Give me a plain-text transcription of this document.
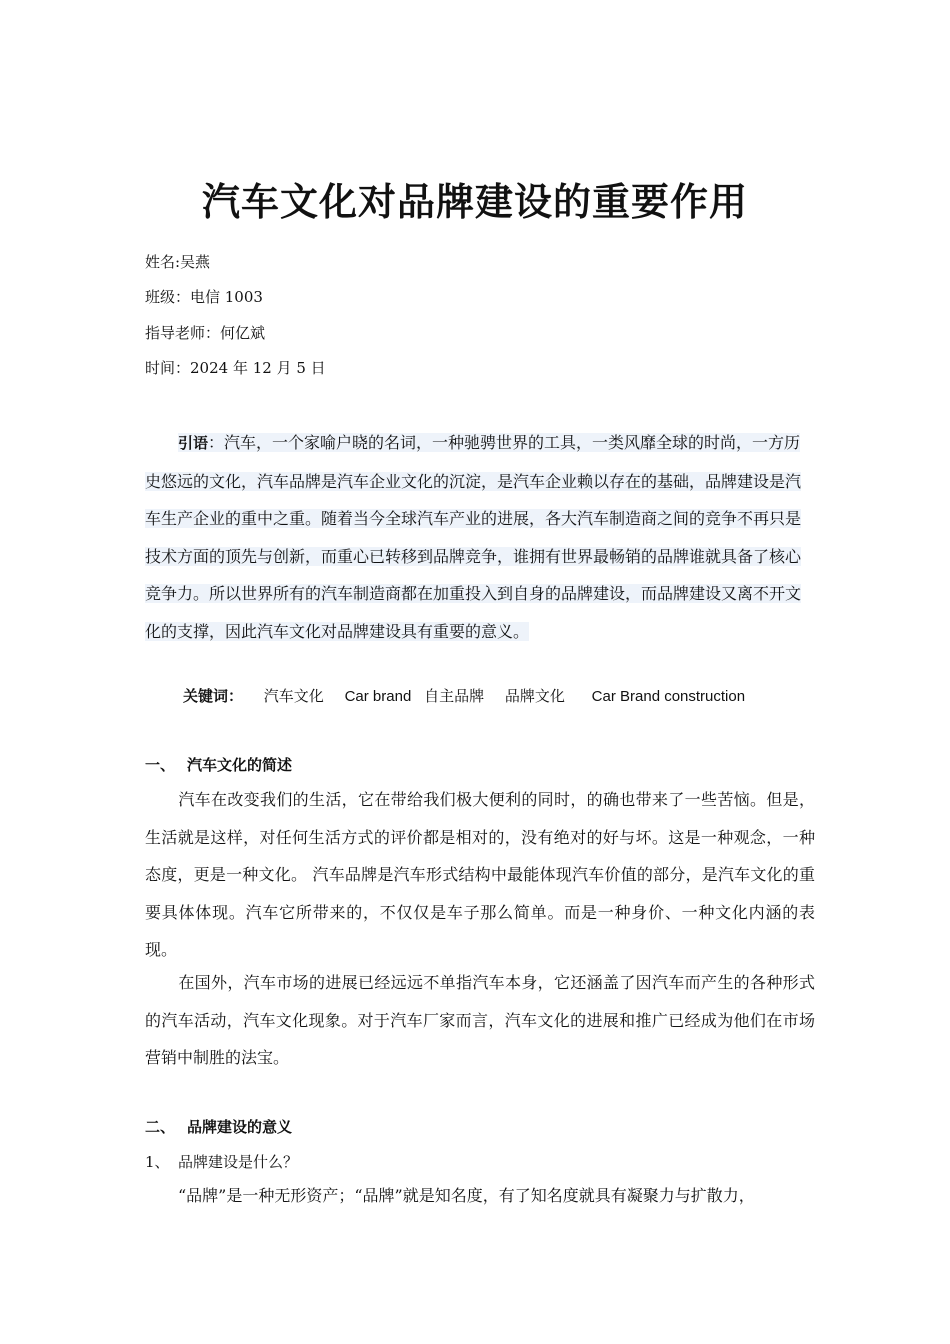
汽车文化对品牌建设的重要作用
姓名:吴燕
班级：电信 1003
指导老师：何亿斌
时间：2024 年 12 月 5 日
引语：汽车，一个家喻户晓的名词，一种驰骋世界的工具，一类风靡全球的时尚，一方历史悠远的文化，汽车品牌是汽车企业文化的沉淀，是汽车企业赖以存在的基础，品牌建设是汽车生产企业的重中之重。随着当今全球汽车产业的进展，各大汽车制造商之间的竞争不再只是技术方面的顶先与创新，而重心已转移到品牌竞争，谁拥有世界最畅销的品牌谁就具备了核心竞争力。所以世界所有的汽车制造商都在加重投入到自身的品牌建设，而品牌建设又离不开文化的支撑，因此汽车文化对品牌建设具有重要的意义。
关键词： 汽车文化 Car brand 自主品牌 品牌文化 Car Brand construction
一、 汽车文化的简述
汽车在改变我们的生活，它在带给我们极大便利的同时，的确也带来了一些苦恼。但是，生活就是这样，对任何生活方式的评价都是相对的，没有绝对的好与坏。这是一种观念，一种态度，更是一种文化。 汽车品牌是汽车形式结构中最能体现汽车价值的部分，是汽车文化的重要具体体现。汽车它所带来的，不仅仅是车子那么简单。而是一种身价、一种文化内涵的表现。
在国外，汽车市场的进展已经远远不单指汽车本身，它还涵盖了因汽车而产生的各种形式的汽车活动，汽车文化现象。对于汽车厂家而言，汽车文化的进展和推广已经成为他们在市场营销中制胜的法宝。
二、 品牌建设的意义
1、 品牌建设是什么？
“品牌”是一种无形资产；“品牌”就是知名度，有了知名度就具有凝聚力与扩散力，
